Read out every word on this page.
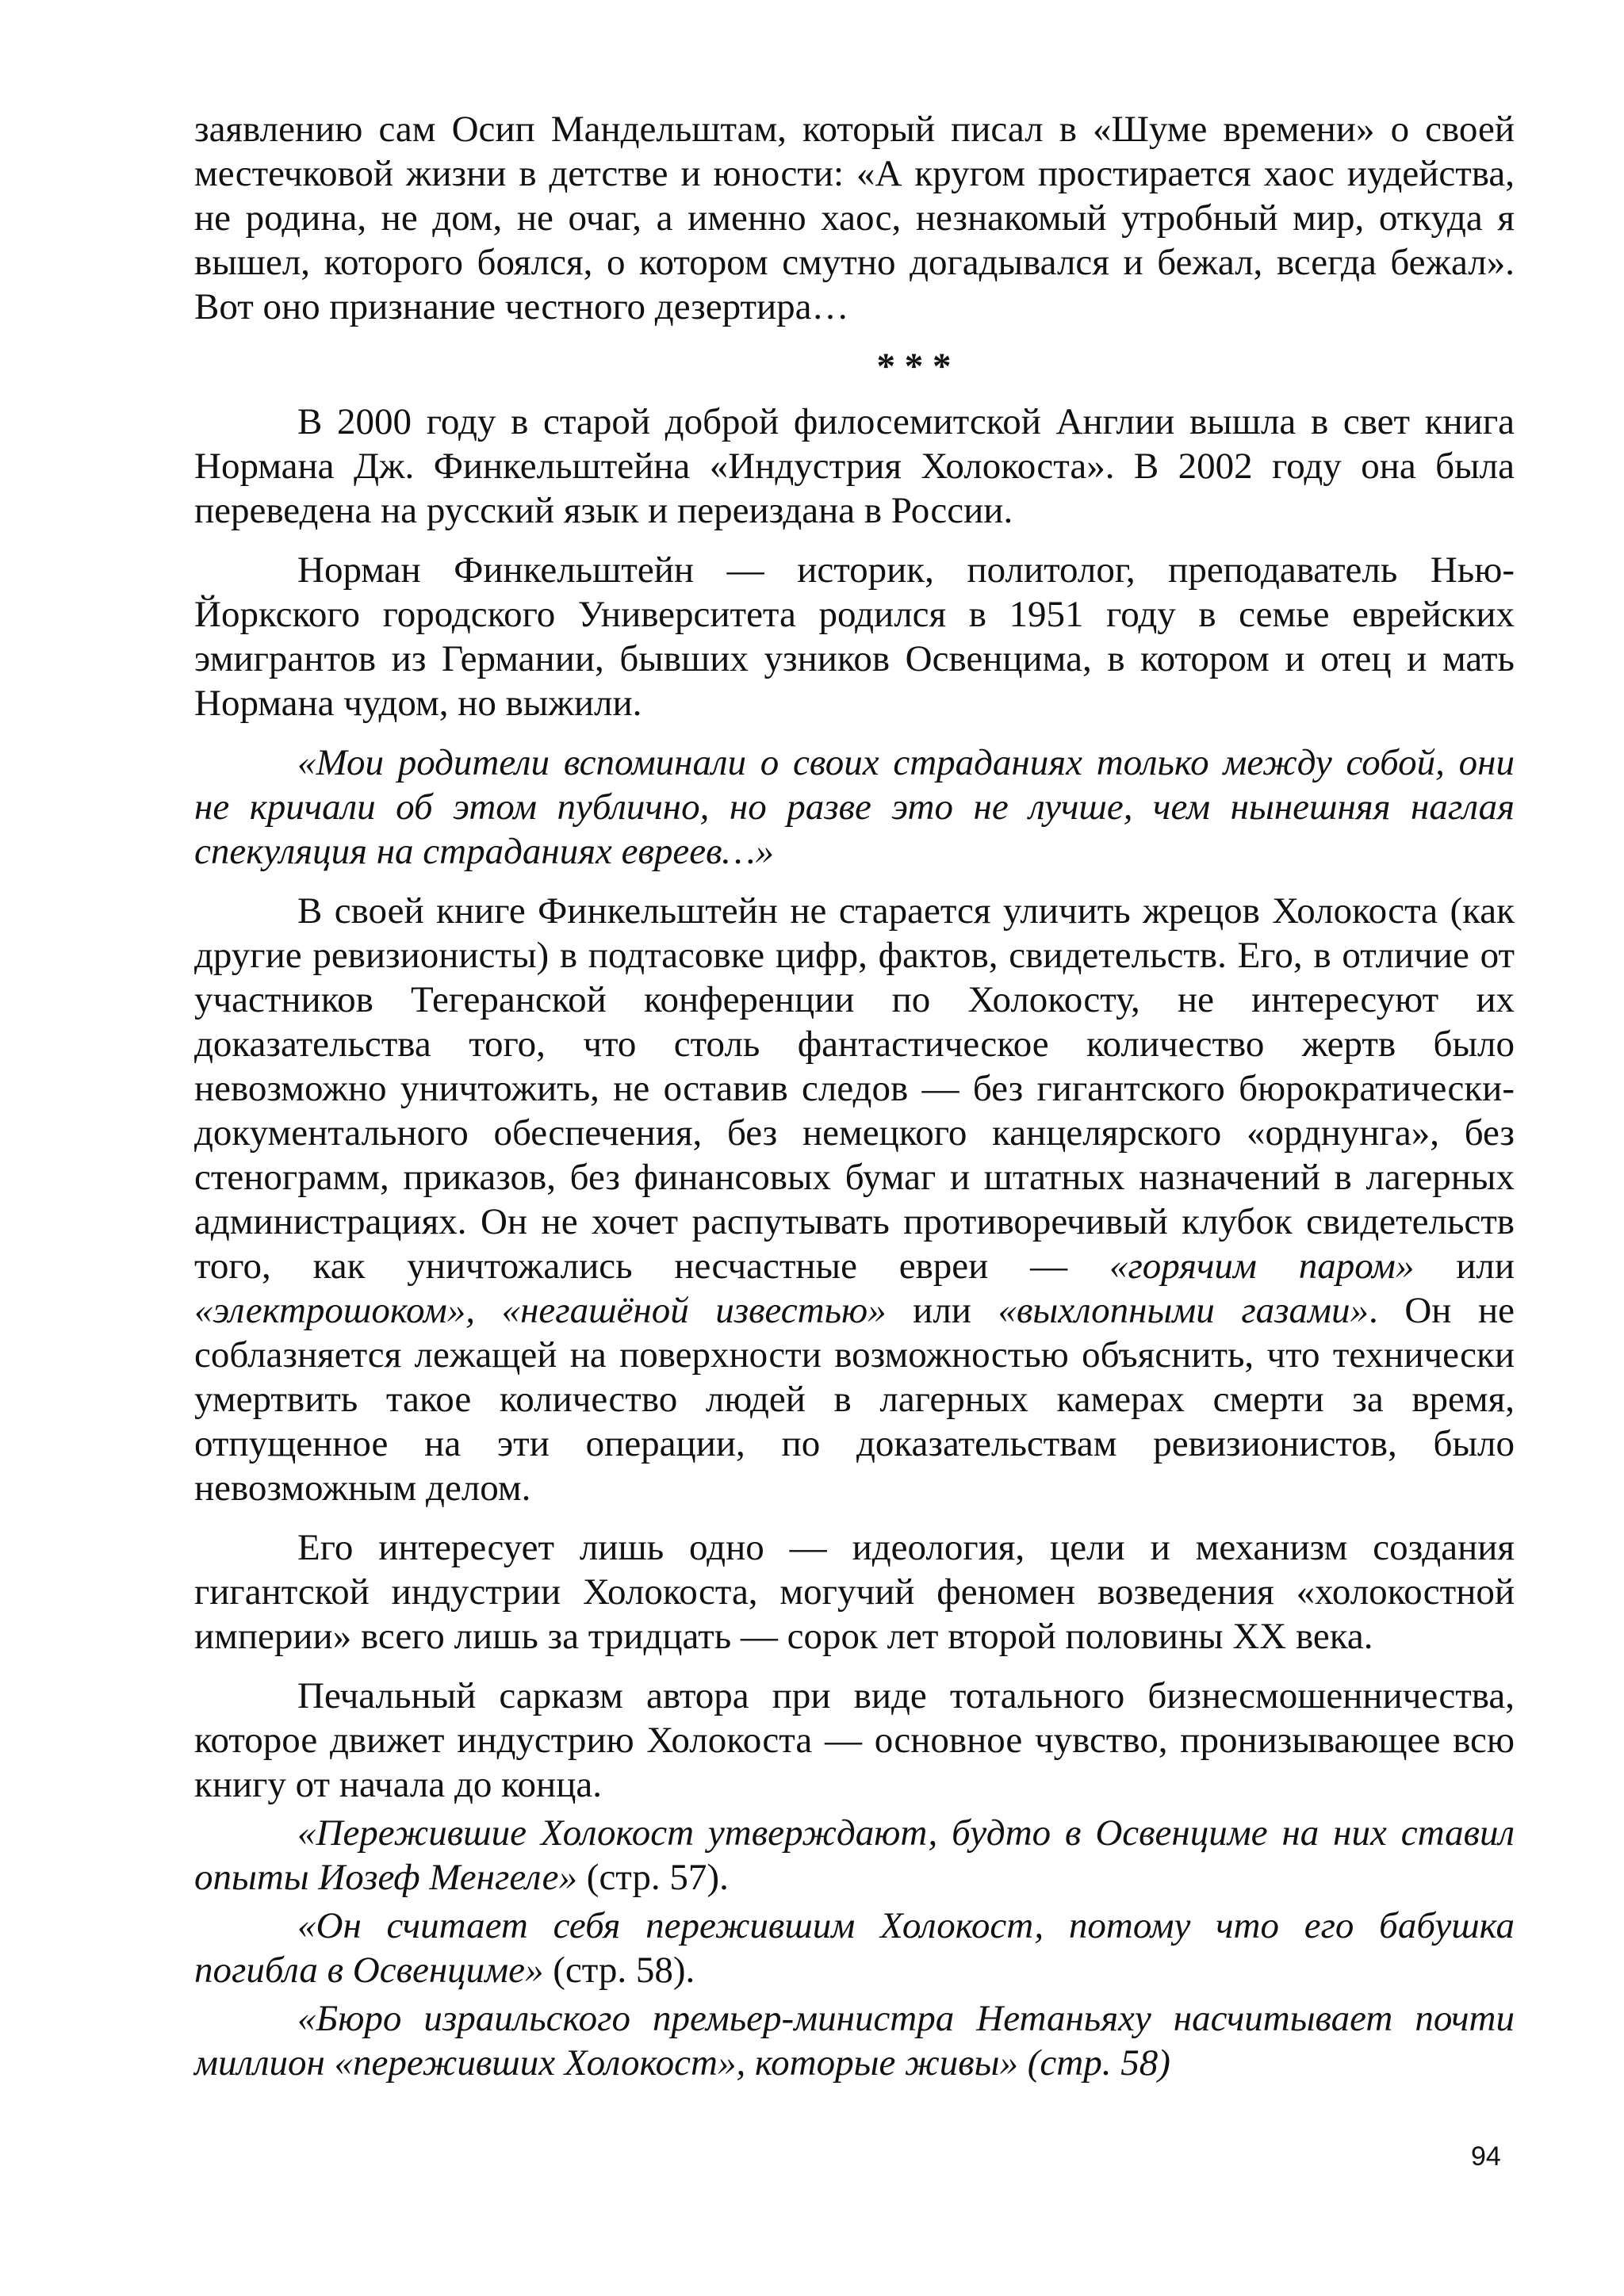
заявлению сам Осип Мандельштам, который писал в «Шуме времени» о своей местечковой жизни в детстве и юности: «А кругом простирается хаос иудейства, не родина, не дом, не очаг, а именно хаос, незнакомый утробный мир, откуда я вышел, которого боялся, о котором смутно догадывался и бежал, всегда бежал». Вот оно признание честного дезертира…

* * *

В 2000 году в старой доброй филосемитской Англии вышла в свет книга Нормана Дж. Финкельштейна «Индустрия Холокоста». В 2002 году она была переведена на русский язык и переиздана в России.

Норман Финкельштейн — историк, политолог, преподаватель Нью-Йоркского городского Университета родился в 1951 году в семье еврейских эмигрантов из Германии, бывших узников Освенцима, в котором и отец и мать Нормана чудом, но выжили.

«Мои родители вспоминали о своих страданиях только между собой, они не кричали об этом публично, но разве это не лучше, чем нынешняя наглая спекуляция на страданиях евреев…»

В своей книге Финкельштейн не старается уличить жрецов Холокоста (как другие ревизионисты) в подтасовке цифр, фактов, свидетельств. Его, в отличие от участников Тегеранской конференции по Холокосту, не интересуют их доказательства того, что столь фантастическое количество жертв было невозможно уничтожить, не оставив следов — без гигантского бюрократически-документального обеспечения, без немецкого канцелярского «орднунга», без стенограмм, приказов, без финансовых бумаг и штатных назначений в лагерных администрациях. Он не хочет распутывать противоречивый клубок свидетельств того, как уничтожались несчастные евреи — «горячим паром» или «электрошоком», «негашёной известью» или «выхлопными газами». Он не соблазняется лежащей на поверхности возможностью объяснить, что технически умертвить такое количество людей в лагерных камерах смерти за время, отпущенное на эти операции, по доказательствам ревизионистов, было невозможным делом.

Его интересует лишь одно — идеология, цели и механизм создания гигантской индустрии Холокоста, могучий феномен возведения «холокостной империи» всего лишь за тридцать — сорок лет второй половины XX века.

Печальный сарказм автора при виде тотального бизнесмошенничества, которое движет индустрию Холокоста — основное чувство, пронизывающее всю книгу от начала до конца.

«Пережившие Холокост утверждают, будто в Освенциме на них ставил опыты Иозеф Менгеле» (стр. 57).

«Он считает себя пережившим Холокост, потому что его бабушка погибла в Освенциме» (стр. 58).

«Бюро израильского премьер-министра Нетаньяху насчитывает почти миллион «переживших Холокост», которые живы» (стр. 58)

94
